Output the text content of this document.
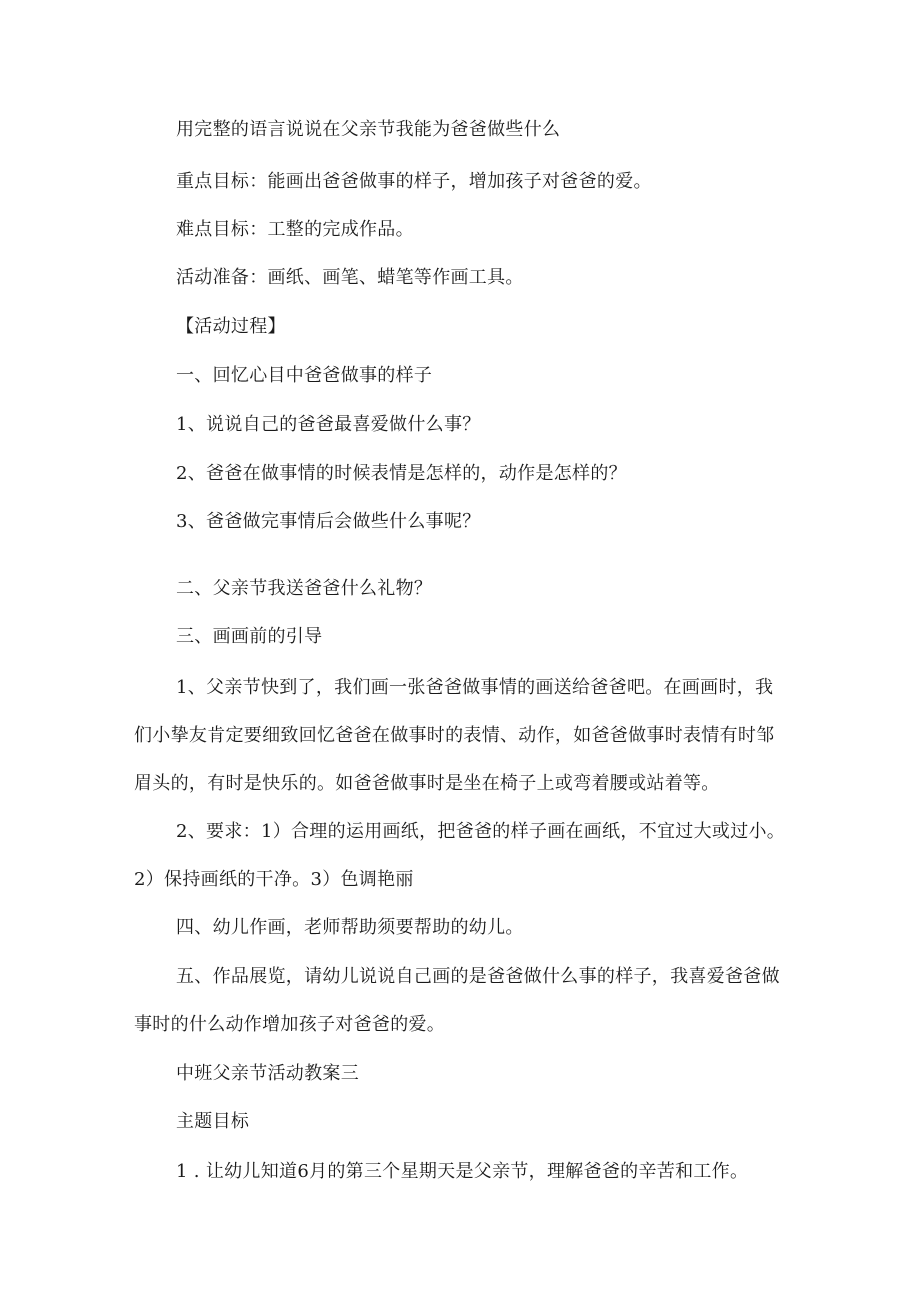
用完整的语言说说在父亲节我能为爸爸做些什么
重点目标：能画出爸爸做事的样子，增加孩子对爸爸的爱。
难点目标：工整的完成作品。
活动准备：画纸、画笔、蜡笔等作画工具。
【活动过程】
一、回忆心目中爸爸做事的样子
1、说说自己的爸爸最喜爱做什么事？
2、爸爸在做事情的时候表情是怎样的，动作是怎样的？
3、爸爸做完事情后会做些什么事呢？
二、父亲节我送爸爸什么礼物？
三、画画前的引导
1、父亲节快到了，我们画一张爸爸做事情的画送给爸爸吧。在画画时，我
们小挚友肯定要细致回忆爸爸在做事时的表情、动作，如爸爸做事时表情有时邹
眉头的，有时是快乐的。如爸爸做事时是坐在椅子上或弯着腰或站着等。
2、要求：1）合理的运用画纸，把爸爸的样子画在画纸，不宜过大或过小。
2）保持画纸的干净。3）色调艳丽
四、幼儿作画，老师帮助须要帮助的幼儿。
五、作品展览，请幼儿说说自己画的是爸爸做什么事的样子，我喜爱爸爸做
事时的什么动作增加孩子对爸爸的爱。
中班父亲节活动教案三
主题目标
1 . 让幼儿知道6月的第三个星期天是父亲节，理解爸爸的辛苦和工作。
